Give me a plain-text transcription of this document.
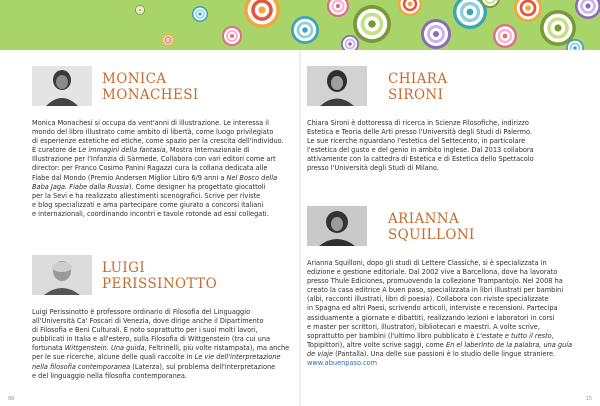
MONICA
MONACHESI

Monica Monachesi si occupa da vent'anni di illustrazione. Le interessa il

mondo del libro illustrato come ambito di libertà, come luogo privilegiato

di esperienze estetiche ed etiche, come spazio per la crescita dell'individuo.

È curatore de Le immagini della fantasia, Mostra Internazionale di

Illustrazione per l'Infanzia di Sàrmede. Collabora con vari editori come art

director: per Franco Cosimo Panini Ragazzi cura la collana dedicata alle

Fiabe dal Mondo (Premio Andersen Miglior Libro 6/9 anni a Nel Bosco della

Baba Jaga. Fiabe dalla Russia). Come designer ha progettato giocattoli

per la Sevi e ha realizzato allestimenti scenografici. Scrive per riviste

e blog specializzati e ama partecipare come giurato a concorsi italiani

e internazionali, coordinando incontri e tavole rotonde ad essi collegati.

LUIGI
PERISSINOTTO

Luigi Perissinotto è professore ordinario di Filosofia del Linguaggio

all'Università Ca' Foscari di Venezia, dove dirige anche il Dipartimento

di Filosofia e Beni Culturali. È noto soprattutto per i suoi molti lavori,

pubblicati in Italia e all'estero, sulla Filosofia di Wittgenstein (tra cui una

fortunata Wittgenstein. Una guida, Feltrinelli, più volte ristampata), ma anche

per le sue ricerche, alcune delle quali raccolte in Le vie dell'interpretazione

nella filosofia contemporanea (Laterza), sul problema dell'interpretazione

e del linguaggio nella filosofia contemporanea.

CHIARA
SIRONI

Chiara Sironi è dottoressa di ricerca in Scienze Filosofiche, indirizzo

Estetica e Teoria delle Arti presso l'Università degli Studi di Palermo.

Le sue ricerche riguardano l'estetica del Settecento, in particolare

l'estetica del gusto e del genio in ambito inglese. Dal 2013 collabora

attivamente con la cattedra di Estetica e di Estetica dello Spettacolo

presso l'Università degli Studi di Milano.

ARIANNA
SQUILLONI

Arianna Squilloni, dopo gli studi di Lettere Classiche, si è specializzata in

edizione e gestione editoriale. Dal 2002 vive a Barcellona, dove ha lavorato

presso Thule Ediciones, promuovendo la collezione Trampantojo. Nel 2008 ha

creato la casa editrice A buen paso, specializzata in libri illustrati per bambini

(albi, racconti illustrati, libri di poesia). Collabora con riviste specializzate

in Spagna ed altri Paesi, scrivendo articoli, interviste e recensioni. Partecipa

assiduamente a giornate e dibattiti, realizzando lezioni e laboratori in corsi

e master per scrittori, illustratori, bibliotecari e maestri. A volte scrive,

soprattutto per bambini (l'ultimo libro pubblicato è L'estate e tutto il resto,

Topipittori), altre volte scrive saggi, come En el laberinto de la palabra, una guía

de viaje (Pantalla). Una delle sue passioni è lo studio delle lingue straniere.

www.abuenpaso.com

88	15
